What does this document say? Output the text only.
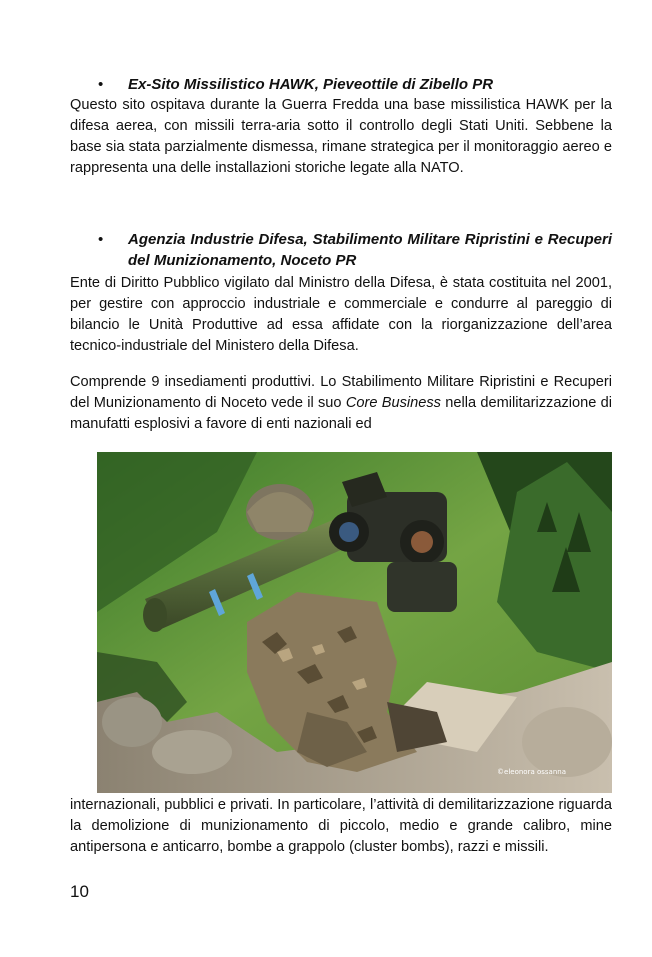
• Ex-Sito Missilistico HAWK, Pieveottile di Zibello PR
Questo sito ospitava durante la Guerra Fredda una base missilistica HAWK per la difesa aerea, con missili terra-aria sotto il controllo degli Stati Uniti. Sebbene la base sia stata parzialmente dismessa, rimane strategica per il monitoraggio aereo e rappresenta una delle installazioni storiche legate alla NATO.
• Agenzia Industrie Difesa, Stabilimento Militare Ripristini e Recuperi del Munizionamento, Noceto PR
Ente di Diritto Pubblico vigilato dal Ministro della Difesa, è stata costituita nel 2001, per gestire con approccio industriale e commerciale e condurre al pareggio di bilancio le Unità Produttive ad essa affidate con la riorganizzazione dell’area tecnico-industriale del Ministero della Difesa.
Comprende 9 insediamenti produttivi. Lo Stabilimento Militare Ripristini e Recuperi del Munizionamento di Noceto vede il suo Core Business nella demilitarizzazione di manufatti esplosivi a favore di enti nazionali ed
©eleonora ossanna
internazionali, pubblici e privati. In particolare, l’attività di demilitarizzazione riguarda la demolizione di munizionamento di piccolo, medio e grande calibro, mine antipersona e anticarro, bombe a grappolo (cluster bombs), razzi e missili.
10
